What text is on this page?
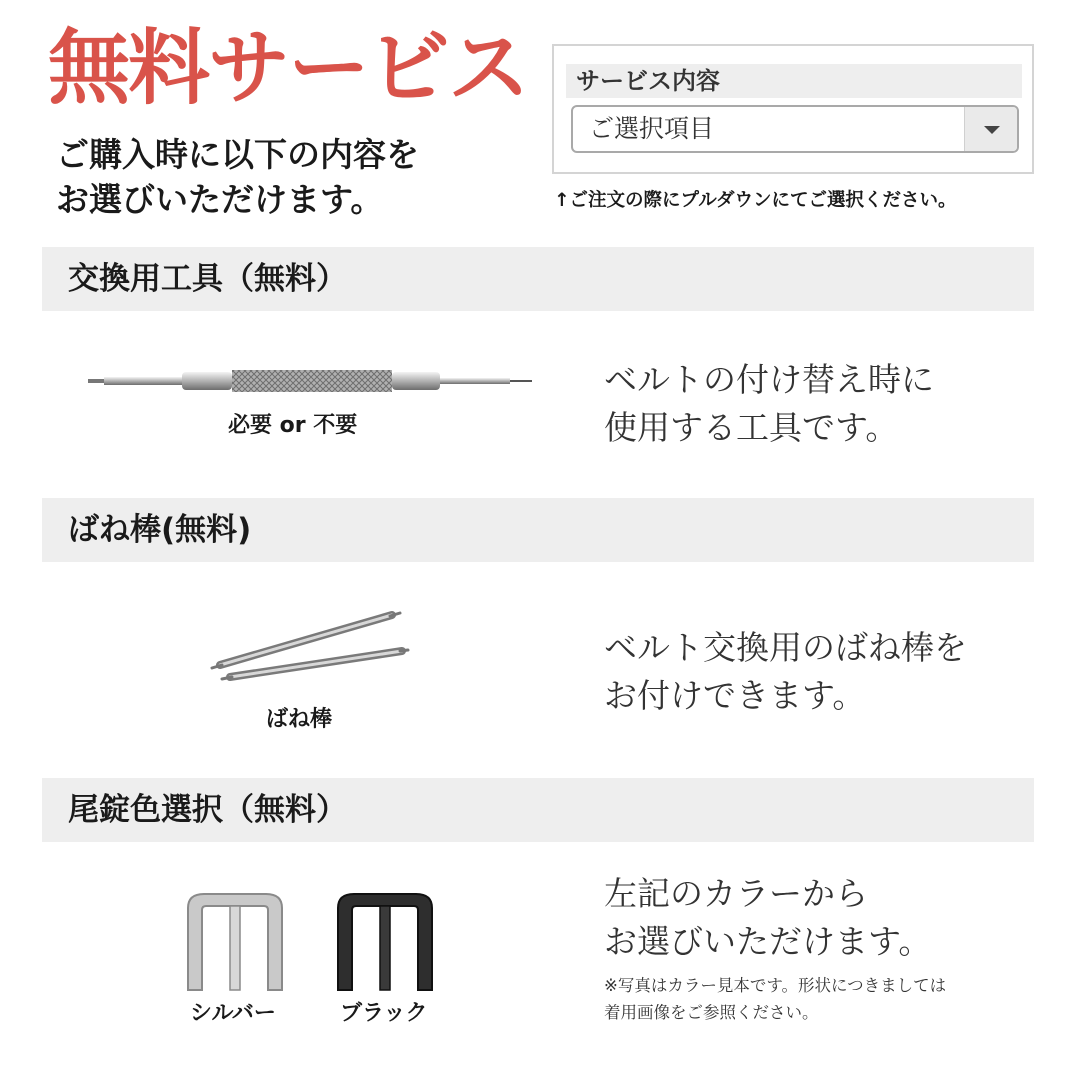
無料サービス
ご購入時に以下の内容を
お選びいただけます。
サービス内容
ご選択項目
↑ご注文の際にプルダウンにてご選択ください。
交換用工具（無料）
必要 or 不要
ベルトの付け替え時に
使用する工具です。
ばね棒(無料)
ばね棒
ベルト交換用のばね棒を
お付けできます。
尾錠色選択（無料）
シルバー	ブラック
左記のカラーから
お選びいただけます。
※写真はカラー見本です。形状につきましては
着用画像をご参照ください。
